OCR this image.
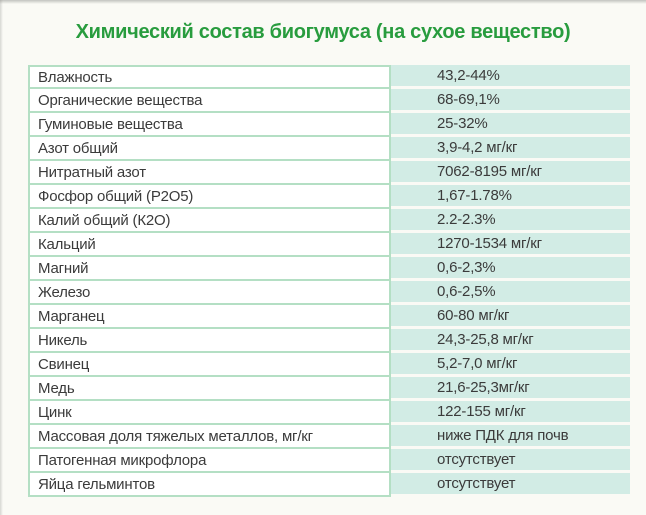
Химический состав биогумуса (на сухое вещество)
Влажность	43,2-44%
Органические вещества	68-69,1%
Гуминовые вещества	25-32%
Азот общий	3,9-4,2 мг/кг
Нитратный азот	7062-8195 мг/кг
Фосфор общий (Р2О5)	1,67-1.78%
Калий общий (К2О)	2.2-2.3%
Кальций	1270-1534 мг/кг
Магний	0,6-2,3%
Железо	0,6-2,5%
Марганец	60-80 мг/кг
Никель	24,3-25,8 мг/кг
Свинец	5,2-7,0 мг/кг
Медь	21,6-25,3мг/кг
Цинк	122-155 мг/кг
Массовая доля тяжелых металлов, мг/кг	ниже ПДК для почв
Патогенная микрофлора	отсутствует
Яйца гельминтов	отсутствует
